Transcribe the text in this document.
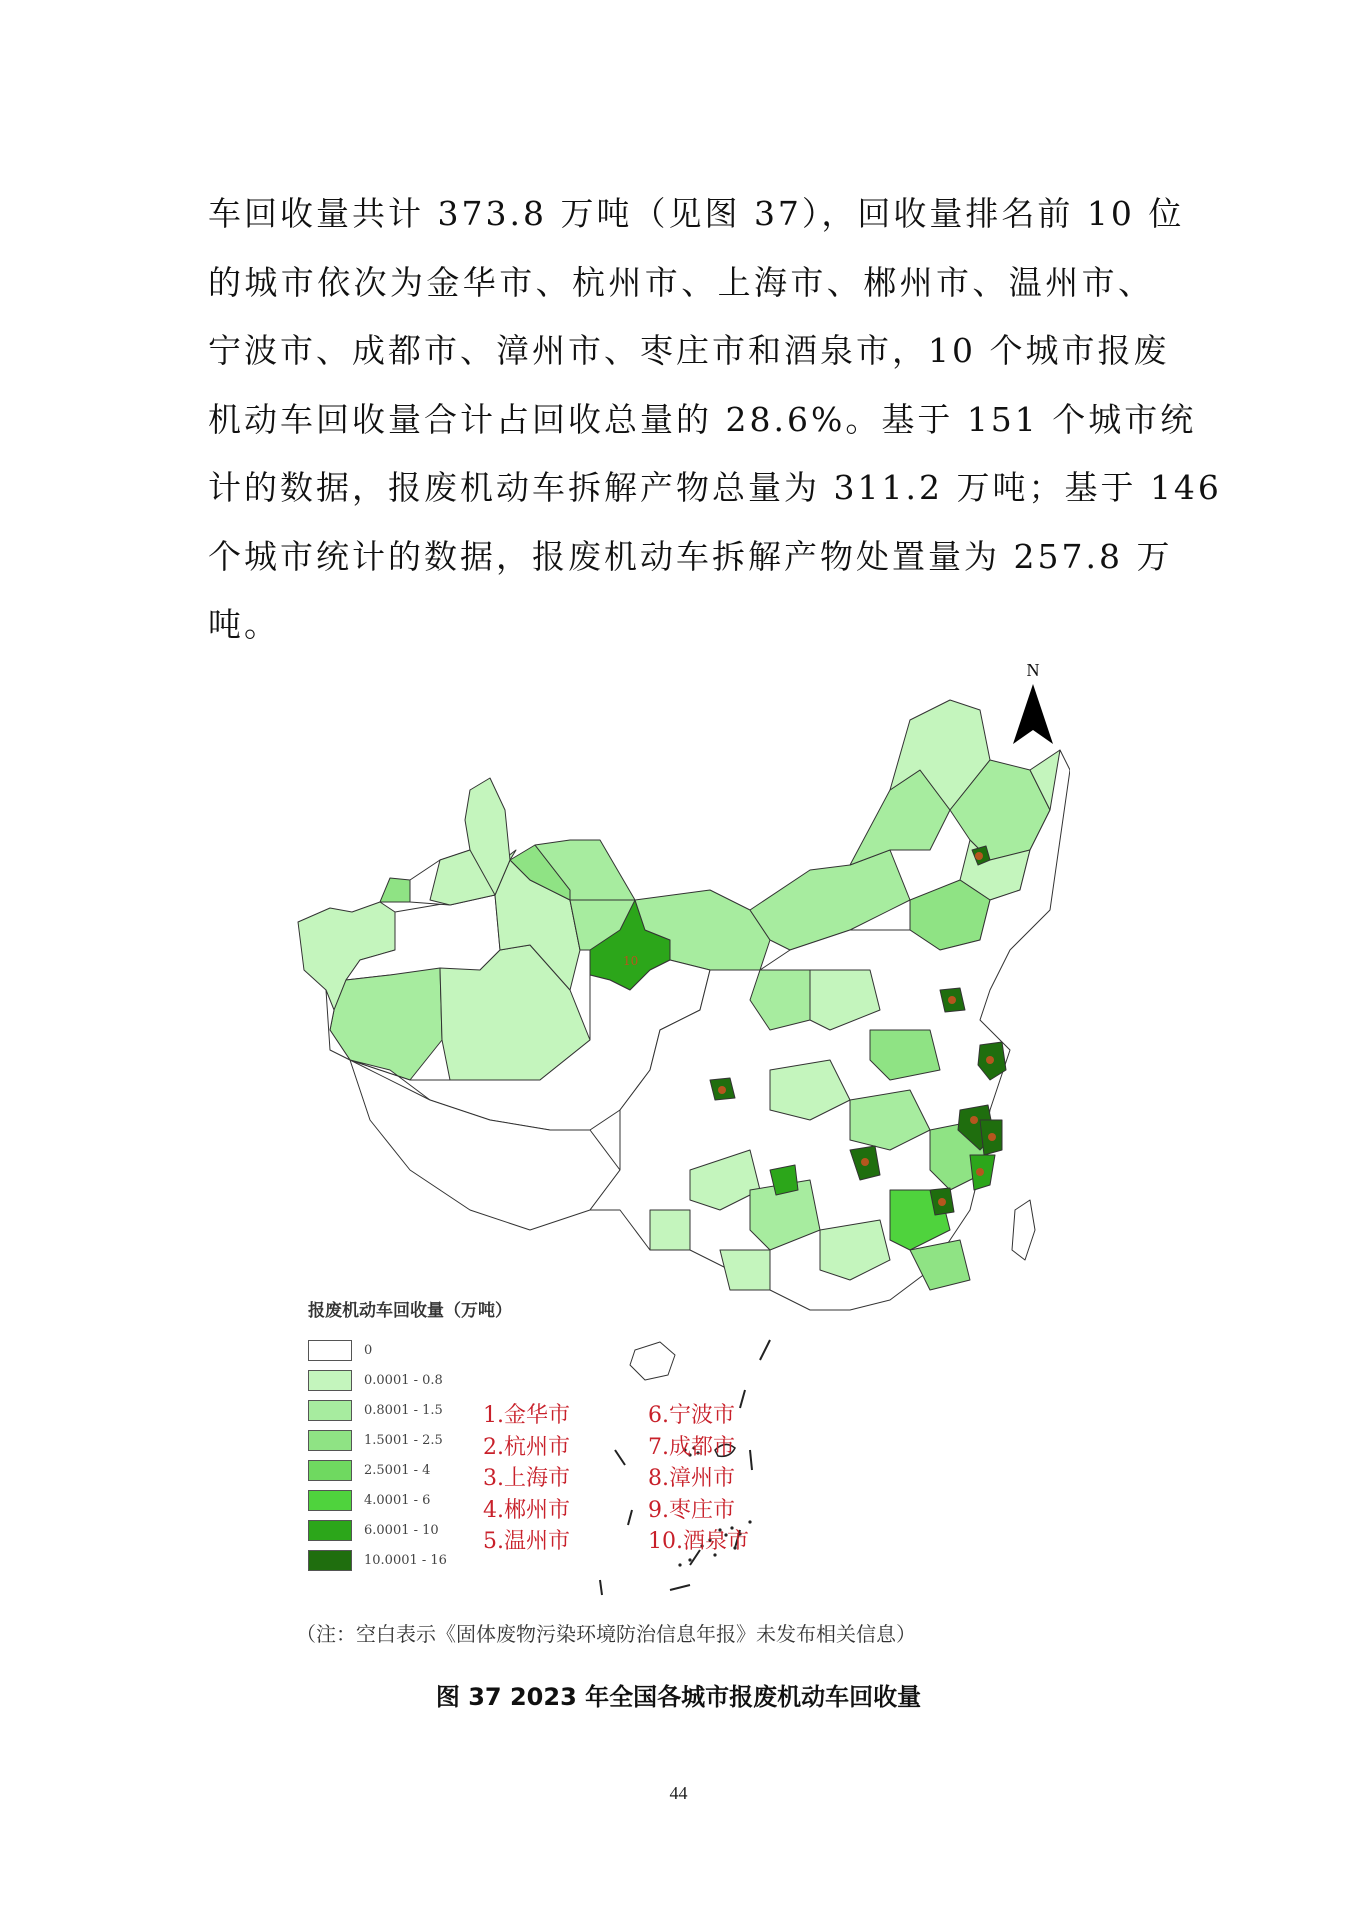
车回收量共计 373.8 万吨（见图 37），回收量排名前 10 位
的城市依次为金华市、杭州市、上海市、郴州市、温州市、
宁波市、成都市、漳州市、枣庄市和酒泉市，10 个城市报废
机动车回收量合计占回收总量的 28.6%。基于 151 个城市统
计的数据，报废机动车拆解产物总量为 311.2 万吨；基于 146
个城市统计的数据，报废机动车拆解产物处置量为 257.8 万
吨。
10
N
报废机动车回收量（万吨）
0
0.0001 - 0.8
0.8001 - 1.5
1.5001 - 2.5
2.5001 - 4
4.0001 - 6
6.0001 - 10
10.0001 - 16
1.金华市
2.杭州市
3.上海市
4.郴州市
5.温州市
6.宁波市
7.成都市
8.漳州市
9.枣庄市
10.酒泉市
（注：空白表示《固体废物污染环境防治信息年报》未发布相关信息）
图 37 2023 年全国各城市报废机动车回收量
44
